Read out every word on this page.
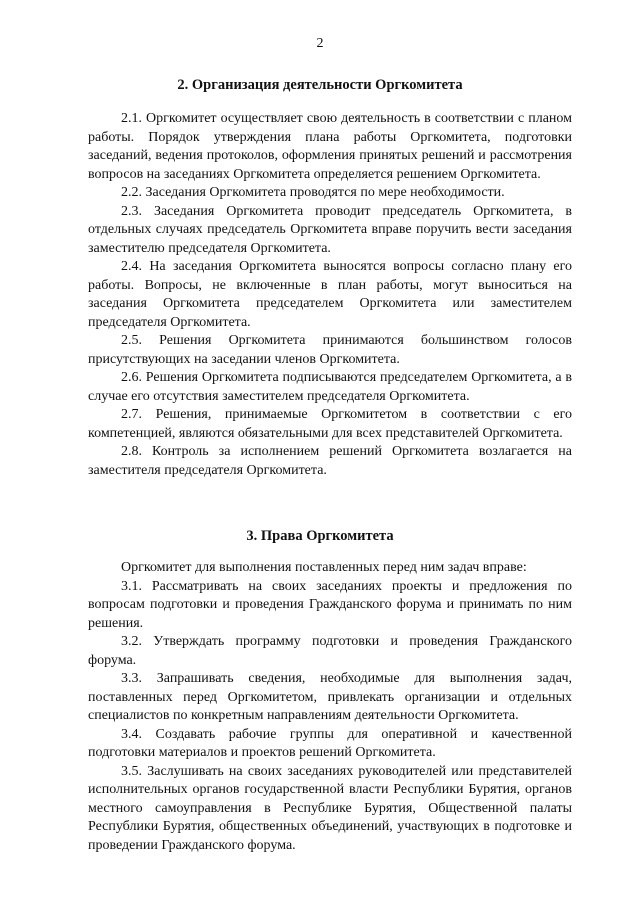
2
2. Организация деятельности Оргкомитета

2.1. Оргкомитет осуществляет свою деятельность в соответствии с планом работы. Порядок утверждения плана работы Оргкомитета, подготовки заседаний, ведения протоколов, оформления принятых решений и рассмотрения вопросов на заседаниях Оргкомитета определяется решением Оргкомитета.

2.2. Заседания Оргкомитета проводятся по мере необходимости.

2.3. Заседания Оргкомитета проводит председатель Оргкомитета, в отдельных случаях председатель Оргкомитета вправе поручить вести заседания заместителю председателя Оргкомитета.

2.4. На заседания Оргкомитета выносятся вопросы согласно плану его работы. Вопросы, не включенные в план работы, могут выноситься на заседания Оргкомитета председателем Оргкомитета или заместителем председателя Оргкомитета.

2.5. Решения Оргкомитета принимаются большинством голосов присутствующих на заседании членов Оргкомитета.

2.6. Решения Оргкомитета подписываются председателем Оргкомитета, а в случае его отсутствия заместителем председателя Оргкомитета.

2.7. Решения, принимаемые Оргкомитетом в соответствии с его компетенцией, являются обязательными для всех представителей Оргкомитета.

2.8. Контроль за исполнением решений Оргкомитета возлагается на заместителя председателя Оргкомитета.

3. Права Оргкомитета

Оргкомитет для выполнения поставленных перед ним задач вправе:

3.1. Рассматривать на своих заседаниях проекты и предложения по вопросам подготовки и проведения Гражданского форума и принимать по ним решения.

3.2. Утверждать программу подготовки и проведения Гражданского форума.

3.3. Запрашивать сведения, необходимые для выполнения задач, поставленных перед Оргкомитетом, привлекать организации и отдельных специалистов по конкретным направлениям деятельности Оргкомитета.

3.4. Создавать рабочие группы для оперативной и качественной подготовки материалов и проектов решений Оргкомитета.

3.5. Заслушивать на своих заседаниях руководителей или представителей исполнительных органов государственной власти Республики Бурятия, органов местного самоуправления в Республике Бурятия, Общественной палаты Республики Бурятия, общественных объединений, участвующих в подготовке и проведении Гражданского форума.
